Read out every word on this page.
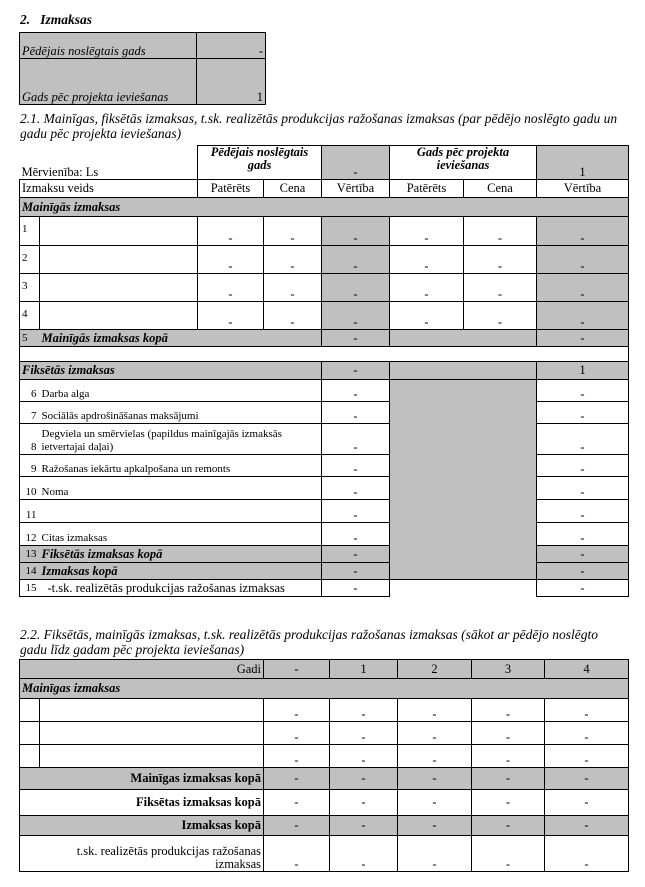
2. Izmaksas
Pēdējais noslēgtais gads	-
Gads pēc projekta ieviešanas	1
2.1. Mainīgas, fiksētās izmaksas, t.sk. realizētās produkcijas ražošanas izmaksas (par pēdējo noslēgto gadu un gadu pēc projekta ieviešanas)
Mērvienība: Ls		Pēdējais noslēgtais gads		-	Gads pēc projekta ieviešanas		1
Izmaksu veids		Patērēts	Cena	Vērtība	Patērēts	Cena	Vērtība
Mainīgās izmaksas							
1		-	-	-	-	-	-
2		-	-	-	-	-	-
3		-	-	-	-	-	-
4		-	-	-	-	-	-
5	Mainīgās izmaksas kopā			-			-

Fiksētās izmaksas				-			1
6	Darba alga			-			-
7	Sociālās apdrošināšanas maksājumi			-			-
8	Degviela un smērvielas (papildus mainīgajās izmaksās ietvertajai daļai)			-			-
9	Ražošanas iekārtu apkalpošana un remonts			-			-
10	Noma			-			-
11				-			-
12	Citas izmaksas			-			-
13	Fiksētās izmaksas kopā			-			-
14	Izmaksas kopā			-			-
15	-t.sk. realizētās produkcijas ražošanas izmaksas			-			-
2.2. Fiksētās, mainīgās izmaksas, t.sk. realizētās produkcijas ražošanas izmaksas (sākot ar pēdējo noslēgto gadu līdz gadam pēc projekta ieviešanas)
Gadi		-	1	2	3	4
Mainīgas izmaksas						
		-	-	-	-	-
		-	-	-	-	-
		-	-	-	-	-
Mainīgas izmaksas kopā		-	-	-	-	-
Fiksētas izmaksas kopā		-	-	-	-	-
Izmaksas kopā		-	-	-	-	-
t.sk. realizētās produkcijas ražošanas izmaksas		-	-	-	-	-
